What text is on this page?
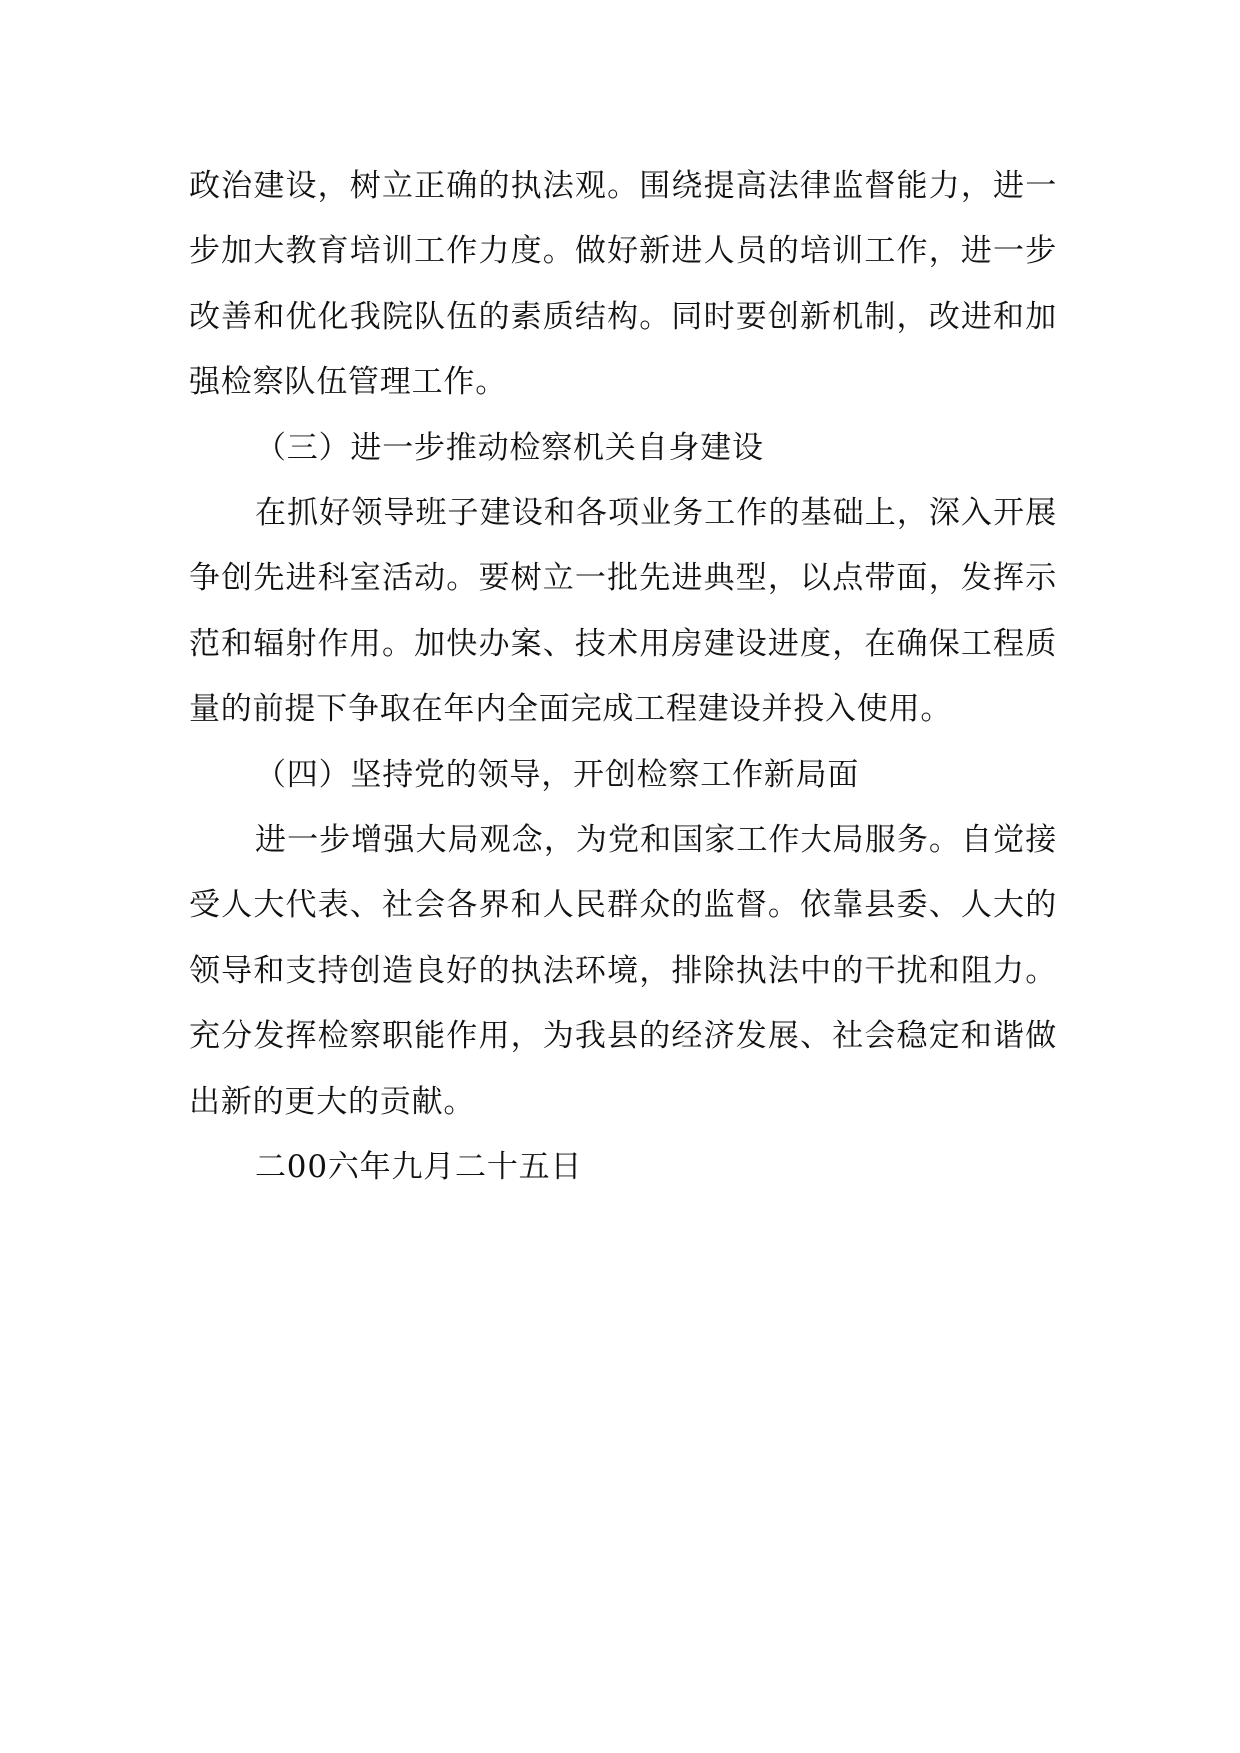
政治建设，树立正确的执法观。围绕提高法律监督能力，进一步加大教育培训工作力度。做好新进人员的培训工作，进一步改善和优化我院队伍的素质结构。同时要创新机制，改进和加强检察队伍管理工作。

（三）进一步推动检察机关自身建设

在抓好领导班子建设和各项业务工作的基础上，深入开展争创先进科室活动。要树立一批先进典型，以点带面，发挥示范和辐射作用。加快办案、技术用房建设进度，在确保工程质量的前提下争取在年内全面完成工程建设并投入使用。

（四）坚持党的领导，开创检察工作新局面

进一步增强大局观念，为党和国家工作大局服务。自觉接受人大代表、社会各界和人民群众的监督。依靠县委、人大的领导和支持创造良好的执法环境，排除执法中的干扰和阻力。充分发挥检察职能作用，为我县的经济发展、社会稳定和谐做出新的更大的贡献。

二00六年九月二十五日
